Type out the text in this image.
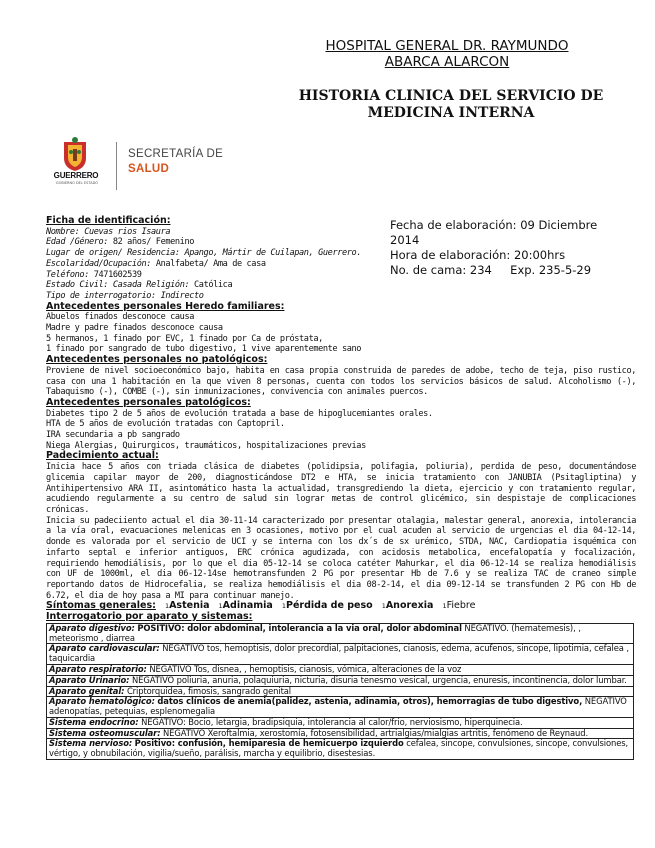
HOSPITAL GENERAL DR. RAYMUNDO
ABARCA ALARCON
HISTORIA CLINICA DEL SERVICIO DE
MEDICINA INTERNA
GUERRERO
GOBIERNO DEL ESTADO
SECRETARÍA DE
SALUD
Fecha de elaboración: 09 Diciembre 2014
Hora de elaboración: 20:00hrs
No. de cama: 234 Exp. 235-5-29

Ficha de identificación:

Nombre: Cuevas rios Isaura

Edad /Género: 82 años/ Femenino

Lugar de origen/ Residencia: Apango, Mártir de Cuilapan, Guerrero.

Escolaridad/Ocupación: Analfabeta/ Ama de casa

Teléfono: 7471602539

Estado Civil: Casada Religión: Católica

Tipo de interrogatorio: Indirecto

Antecedentes personales Heredo familiares:

Abuelos finados desconoce causa

Madre y padre finados desconoce causa

5 hermanos, 1 finado por EVC, 1 finado por Ca de próstata,

1 finado por sangrado de tubo digestivo, 1 vive aparentemente sano

Antecedentes personales no patológicos:

Proviene de nivel socioeconómico bajo, habita en casa propia construida de paredes de adobe, techo de teja, piso rustico, casa con una 1 habitación en la que viven 8 personas, cuenta con todos los servicios básicos de salud. Alcoholismo (-), Tabaquismo (-), COMBE (-), sin inmunizaciones, convivencia con animales puercos.

Antecedentes personales patológicos:

Diabetes tipo 2 de 5 años de evolución tratada a base de hipoglucemiantes orales.

HTA de 5 años de evolución tratadas con Captopril.

IRA secundaria a pb sangrado

Niega Alergias, Quirurgicos, traumáticos, hospitalizaciones previas

Padecimiento actual:

Inicia hace 5 años con triada clásica de diabetes (polidipsia, polifagia, poliuria), perdida de peso, documentándose glicemia capilar mayor de 200, diagnosticándose DT2 e HTA, se inicia tratamiento con JANUBIA (Psitagliptina) y Antihipertensivo ARA II, asintomático hasta la actualidad, transgrediendo la dieta, ejercicio y con tratamiento regular, acudiendo regularmente a su centro de salud sin lograr metas de control glicémico, sin despistaje de complicaciones crónicas.

Inicia su padeciiento actual el dia 30-11-14 caracterizado por presentar otalagia, malestar general, anorexia, intolerancia a la vía oral, evacuaciones melenicas en 3 ocasiones, motivo por el cual acuden al servicio de urgencias el dia 04-12-14, donde es valorada por el servicio de UCI y se interna con los dx´s de sx urémico, STDA, NAC, Cardiopatia isquémica con infarto septal e inferior antiguos, ERC crónica agudizada, con acidosis metabolica, encefalopatía y focalización, requiriendo hemodiálisis, por lo que el dia 05-12-14 se coloca catéter Mahurkar, el dia 06-12-14 se realiza hemodiálisis con UF de 1000ml, el dia 06-12-14se hemotransfunden 2 PG por presentar Hb de 7.6 y se realiza TAC de craneo simple reportando datos de Hidrocefalia, se realiza hemodiálisis el dia 08-2-14, el dia 09-12-14 se transfunden 2 PG con Hb de 6.72, el dia de hoy pasa a MI para continuar manejo.

Síntomas generales: 1Astenia 1Adinamia 1Pérdida de peso 1Anorexia 1Fiebre

Interrogatorio por aparato y sistemas:

Aparato digestivo: POSITIVO: dolor abdominal, intolerancia a la via oral, dolor abdominal NEGATIVO. (hematemesis), , meteorismo , diarrea
Aparato cardiovascular: NEGATIVO tos, hemoptisis, dolor precordial, palpitaciones, cianosis, edema, acufenos, sincope, lipotimia, cefalea , taquicardia
Aparato respiratorio: NEGATIVO Tos, disnea, , hemoptisis, cianosis, vómica, alteraciones de la voz
Aparato Urinario: NEGATIVO poliuria, anuria, polaquiuria, nicturia, disuria tenesmo vesical, urgencia, enuresis, incontinencia, dolor lumbar.
Aparato genital: Criptorquidea, fimosis, sangrado genital
Aparato hematológico: datos clínicos de anemia(palidez, astenia, adinamia, otros), hemorragias de tubo digestivo, NEGATIVO adenopatías, petequias, esplenomegalia
Sistema endocrino: NEGATIVO: Bocio, letargia, bradipsiquia, intolerancia al calor/frio, nerviosismo, hiperquinecia.
Sistema osteomuscular: NEGATIVO Xeroftalmia, xerostomía, fotosensibilidad, artrialgias/mialgias artritis, fenómeno de Reynaud.
Sistema nervioso: Positivo: confusión, hemiparesia de hemicuerpo izquierdo cefalea, sincope, convulsiones, sincope, convulsiones, vértigo, y obnubilación, vigilia/sueño, parálisis, marcha y equilibrio, disestesias.
